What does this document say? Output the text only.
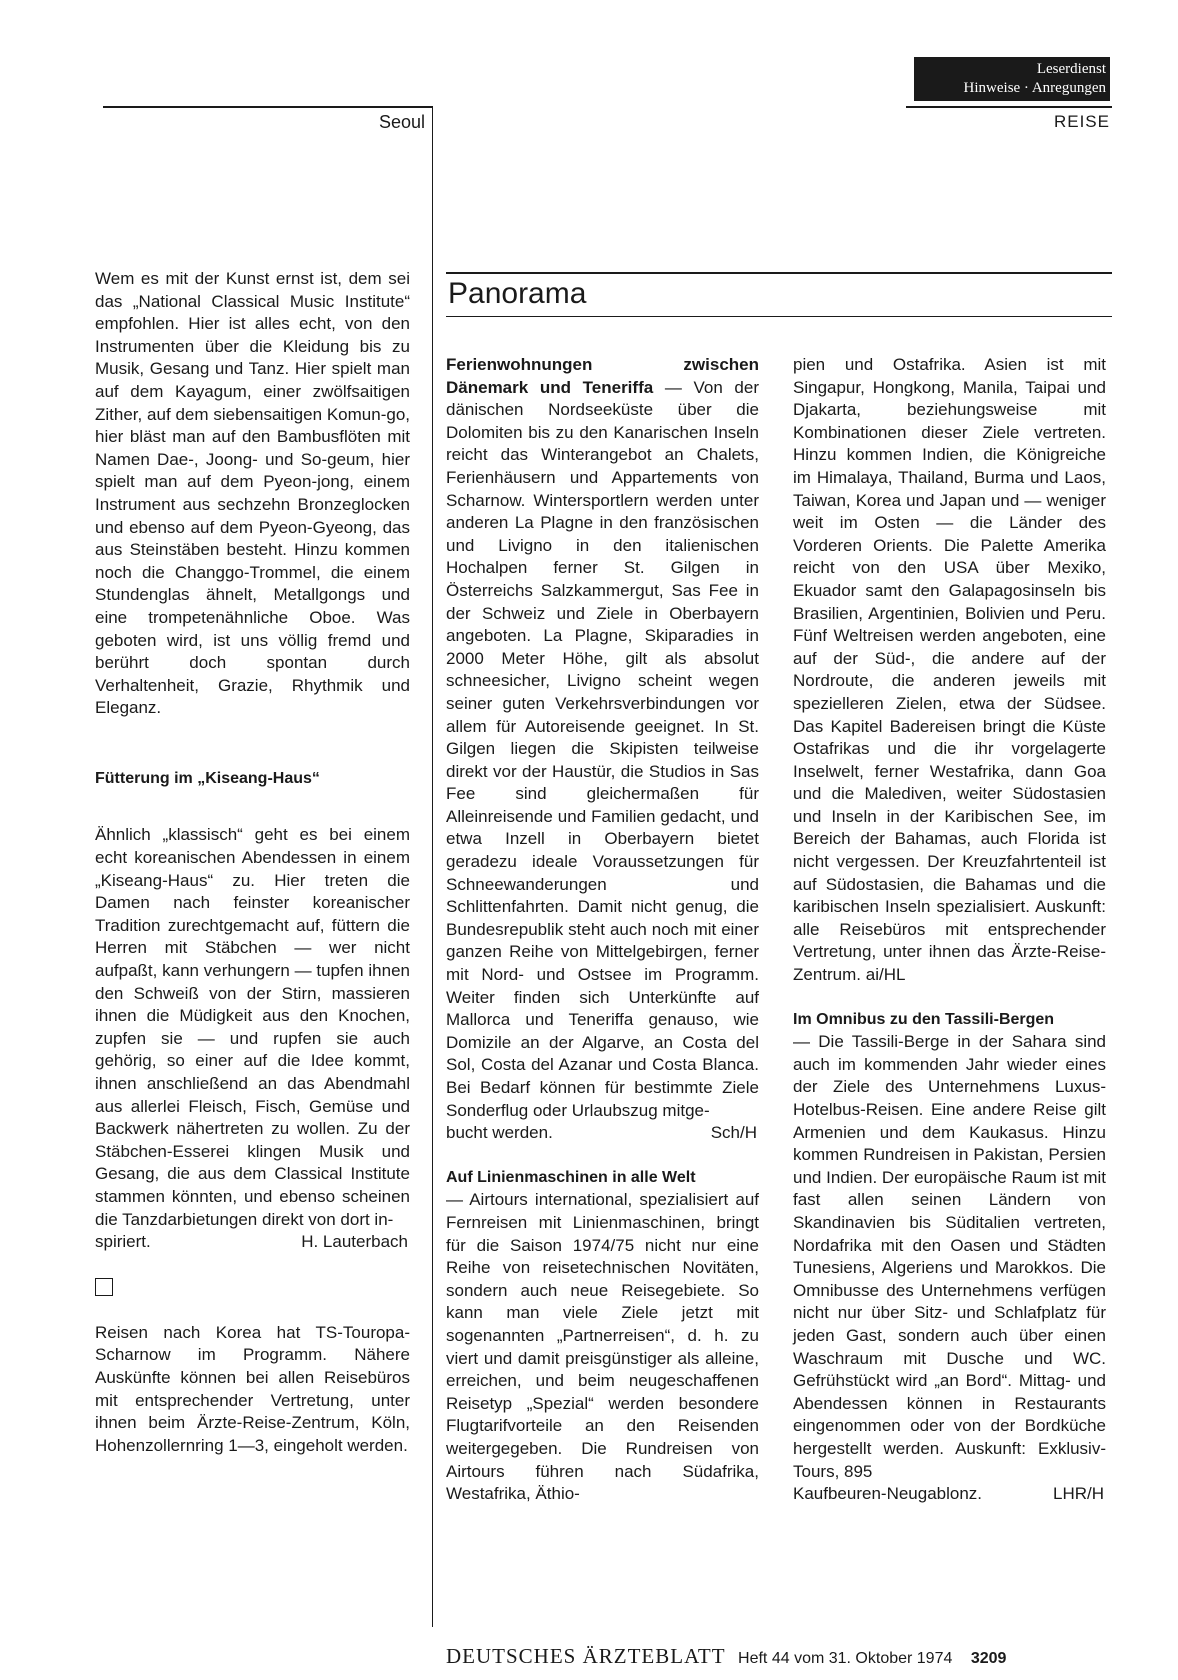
Leserdienst
Hinweise · Anregungen
Seoul	REISE
Panorama

Wem es mit der Kunst ernst ist, dem sei das „National Classical Music Institute“ empfohlen. Hier ist alles echt, von den Instrumenten über die Kleidung bis zu Musik, Gesang und Tanz. Hier spielt man auf dem Kayagum, einer zwölfsaitigen Zither, auf dem siebensaitigen Komun-go, hier bläst man auf den Bambusflöten mit Namen Dae-, Joong- und So-geum, hier spielt man auf dem Pyeon-jong, einem Instrument aus sechzehn Bronzeglocken und ebenso auf dem Pyeon-Gyeong, das aus Steinstäben besteht. Hinzu kommen noch die Changgo-Trommel, die einem Stundenglas ähnelt, Metallgongs und eine trompetenähnliche Oboe. Was geboten wird, ist uns völlig fremd und berührt doch spontan durch Verhaltenheit, Grazie, Rhythmik und Eleganz.

Fütterung im „Kiseang-Haus“

Ähnlich „klassisch“ geht es bei einem echt koreanischen Abendessen in einem „Kiseang-Haus“ zu. Hier treten die Damen nach feinster koreanischer Tradition zurechtgemacht auf, füttern die Herren mit Stäbchen — wer nicht aufpaßt, kann verhungern — tupfen ihnen den Schweiß von der Stirn, massieren ihnen die Müdigkeit aus den Knochen, zupfen sie — und rupfen sie auch gehörig, so einer auf die Idee kommt, ihnen anschließend an das Abendmahl aus allerlei Fleisch, Fisch, Gemüse und Backwerk nähertreten zu wollen. Zu der Stäbchen-Esserei klingen Musik und Gesang, die aus dem Classical Institute stammen könnten, und ebenso scheinen die Tanzdarbietungen direkt von dort in-

spiriert.	H. Lauterbach

Reisen nach Korea hat TS-Touropa-Scharnow im Programm. Nähere Auskünfte können bei allen Reisebüros mit entsprechender Vertretung, unter ihnen beim Ärzte-Reise-Zentrum, Köln, Hohenzollernring 1—3, eingeholt werden.

Ferienwohnungen zwischen Dänemark und Teneriffa — Von der dänischen Nordseeküste über die Dolomiten bis zu den Kanarischen Inseln reicht das Winterangebot an Chalets, Ferienhäusern und Appartements von Scharnow. Wintersportlern werden unter anderen La Plagne in den französischen und Livigno in den italienischen Hochalpen ferner St. Gilgen in Österreichs Salzkammergut, Sas Fee in der Schweiz und Ziele in Oberbayern angeboten. La Plagne, Skiparadies in 2000 Meter Höhe, gilt als absolut schneesicher, Livigno scheint wegen seiner guten Verkehrsverbindungen vor allem für Autoreisende geeignet. In St. Gilgen liegen die Skipisten teilweise direkt vor der Haustür, die Studios in Sas Fee sind gleichermaßen für Alleinreisende und Familien gedacht, und etwa Inzell in Oberbayern bietet geradezu ideale Voraussetzungen für Schneewanderungen und Schlittenfahrten. Damit nicht genug, die Bundesrepublik steht auch noch mit einer ganzen Reihe von Mittelgebirgen, ferner mit Nord- und Ostsee im Programm. Weiter finden sich Unterkünfte auf Mallorca und Teneriffa genauso, wie Domizile an der Algarve, an Costa del Sol, Costa del Azanar und Costa Blanca. Bei Bedarf können für bestimmte Ziele Sonderflug oder Urlaubszug mitge-

bucht werden.	Sch/H

Auf Linienmaschinen in alle Welt

— Airtours international, spezialisiert auf Fernreisen mit Linienmaschinen, bringt für die Saison 1974/75 nicht nur eine Reihe von reisetechnischen Novitäten, sondern auch neue Reisegebiete. So kann man viele Ziele jetzt mit sogenannten „Partnerreisen“, d. h. zu viert und damit preisgünstiger als alleine, erreichen, und beim neugeschaffenen Reisetyp „Spezial“ werden besondere Flugtarifvorteile an den Reisenden weitergegeben. Die Rundreisen von Airtours führen nach Südafrika, Westafrika, Äthio-

pien und Ostafrika. Asien ist mit Singapur, Hongkong, Manila, Taipai und Djakarta, beziehungsweise mit Kombinationen dieser Ziele vertreten. Hinzu kommen Indien, die Königreiche im Himalaya, Thailand, Burma und Laos, Taiwan, Korea und Japan und — weniger weit im Osten — die Länder des Vorderen Orients. Die Palette Amerika reicht von den USA über Mexiko, Ekuador samt den Galapagosinseln bis Brasilien, Argentinien, Bolivien und Peru. Fünf Weltreisen werden angeboten, eine auf der Süd-, die andere auf der Nordroute, die anderen jeweils mit spezielleren Zielen, etwa der Südsee. Das Kapitel Badereisen bringt die Küste Ostafrikas und die ihr vorgelagerte Inselwelt, ferner Westafrika, dann Goa und die Malediven, weiter Südostasien und Inseln in der Karibischen See, im Bereich der Bahamas, auch Florida ist nicht vergessen. Der Kreuzfahrtenteil ist auf Südostasien, die Bahamas und die karibischen Inseln spezialisiert. Auskunft: alle Reisebüros mit entsprechender Vertretung, unter ihnen das Ärzte-Reise-Zentrum. ai/HL

Im Omnibus zu den Tassili-Bergen

— Die Tassili-Berge in der Sahara sind auch im kommenden Jahr wieder eines der Ziele des Unternehmens Luxus-Hotelbus-Reisen. Eine andere Reise gilt Armenien und dem Kaukasus. Hinzu kommen Rundreisen in Pakistan, Persien und Indien. Der europäische Raum ist mit fast allen seinen Ländern von Skandinavien bis Süditalien vertreten, Nordafrika mit den Oasen und Städten Tunesiens, Algeriens und Marokkos. Die Omnibusse des Unternehmens verfügen nicht nur über Sitz- und Schlafplatz für jeden Gast, sondern auch über einen Waschraum mit Dusche und WC. Gefrühstückt wird „an Bord“. Mittag- und Abendessen können in Restaurants eingenommen oder von der Bordküche hergestellt werden. Auskunft: Exklusiv-Tours, 895

Kaufbeuren-Neugablonz.	LHR/H
DEUTSCHES ÄRZTEBLATT Heft 44 vom 31. Oktober 1974 3209
